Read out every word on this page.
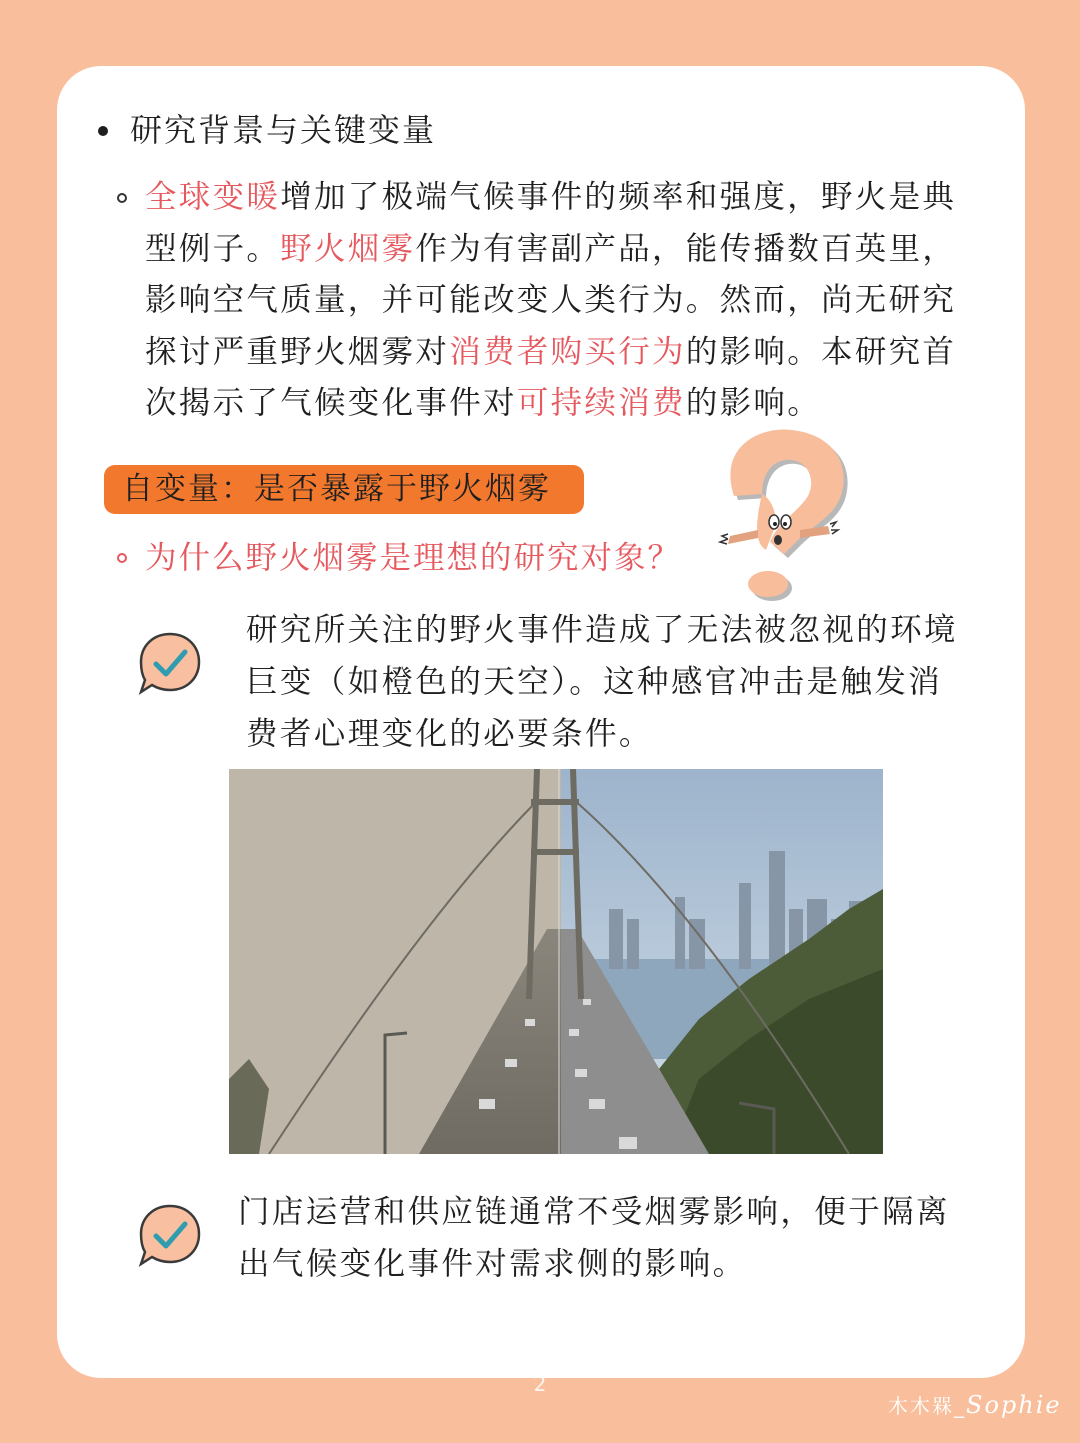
研究背景与关键变量
全球变暖增加了极端气候事件的频率和强度，野火是典型例子。野火烟雾作为有害副产品，能传播数百英里，影响空气质量，并可能改变人类行为。然而，尚无研究探讨严重野火烟雾对消费者购买行为的影响。本研究首次揭示了气候变化事件对可持续消费的影响。
自变量：是否暴露于野火烟雾
为什么野火烟雾是理想的研究对象？
研究所关注的野火事件造成了无法被忽视的环境巨变（如橙色的天空）。这种感官冲击是触发消费者心理变化的必要条件。
门店运营和供应链通常不受烟雾影响，便于隔离出气候变化事件对需求侧的影响。
2
木木槑_Sophie
